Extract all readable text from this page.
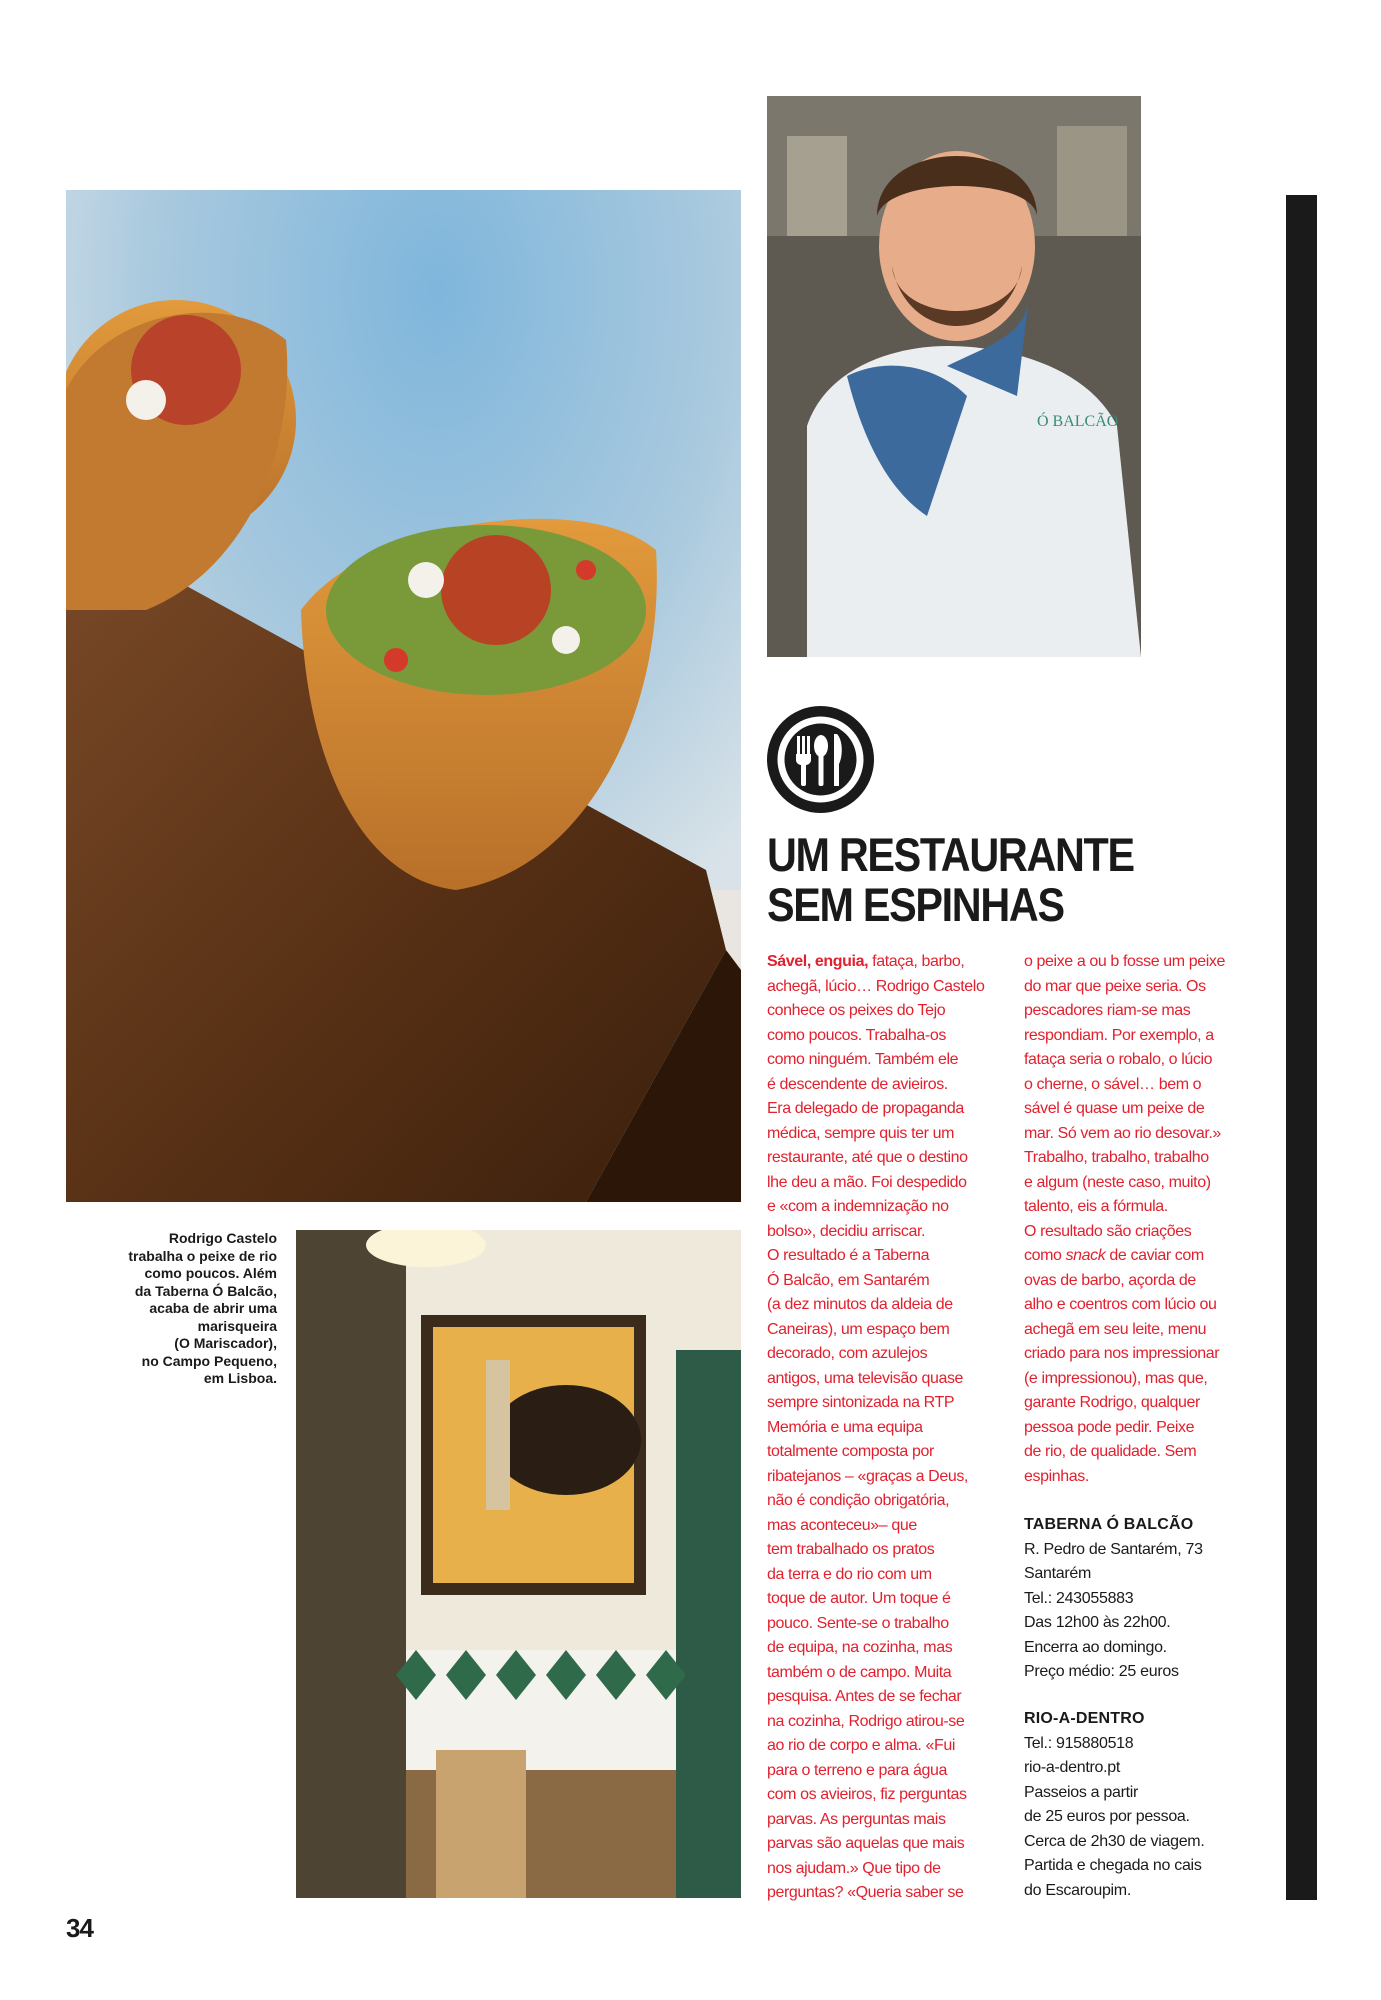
Ó BALCÃO
Rodrigo Castelo
trabalha o peixe de rio
como poucos. Além
da Taberna Ó Balcão,
acaba de abrir uma
marisqueira
(O Mariscador),
no Campo Pequeno,
em Lisboa.
UM RESTAURANTE
SEM ESPINHAS
Sável, enguia, fataça, barbo,
achegã, lúcio… Rodrigo Castelo
conhece os peixes do Tejo
como poucos. Trabalha-os
como ninguém. Também ele
é descendente de avieiros.
Era delegado de propaganda
médica, sempre quis ter um
restaurante, até que o destino
lhe deu a mão. Foi despedido
e «com a indemnização no
bolso», decidiu arriscar.
O resultado é a Taberna
Ó Balcão, em Santarém
(a dez minutos da aldeia de
Caneiras), um espaço bem
decorado, com azulejos
antigos, uma televisão quase
sempre sintonizada na RTP
Memória e uma equipa
totalmente composta por
ribatejanos – «graças a Deus,
não é condição obrigatória,
mas aconteceu»– que
tem trabalhado os pratos
da terra e do rio com um
toque de autor. Um toque é
pouco. Sente-se o trabalho
de equipa, na cozinha, mas
também o de campo. Muita
pesquisa. Antes de se fechar
na cozinha, Rodrigo atirou-se
ao rio de corpo e alma. «Fui
para o terreno e para água
com os avieiros, fiz perguntas
parvas. As perguntas mais
parvas são aquelas que mais
nos ajudam.» Que tipo de
perguntas? «Queria saber se
o peixe a ou b fosse um peixe
do mar que peixe seria. Os
pescadores riam-se mas
respondiam. Por exemplo, a
fataça seria o robalo, o lúcio
o cherne, o sável… bem o
sável é quase um peixe de
mar. Só vem ao rio desovar.»
Trabalho, trabalho, trabalho
e algum (neste caso, muito)
talento, eis a fórmula.
O resultado são criações
como snack de caviar com
ovas de barbo, açorda de
alho e coentros com lúcio ou
achegã em seu leite, menu
criado para nos impressionar
(e impressionou), mas que,
garante Rodrigo, qualquer
pessoa pode pedir. Peixe
de rio, de qualidade. Sem
espinhas.
TABERNA Ó BALCÃO
R. Pedro de Santarém, 73
Santarém
Tel.: 243055883
Das 12h00 às 22h00.
Encerra ao domingo.
Preço médio: 25 euros
RIO-A-DENTRO
Tel.: 915880518
rio-a-dentro.pt
Passeios a partir
de 25 euros por pessoa.
Cerca de 2h30 de viagem.
Partida e chegada no cais
do Escaroupim.
34
